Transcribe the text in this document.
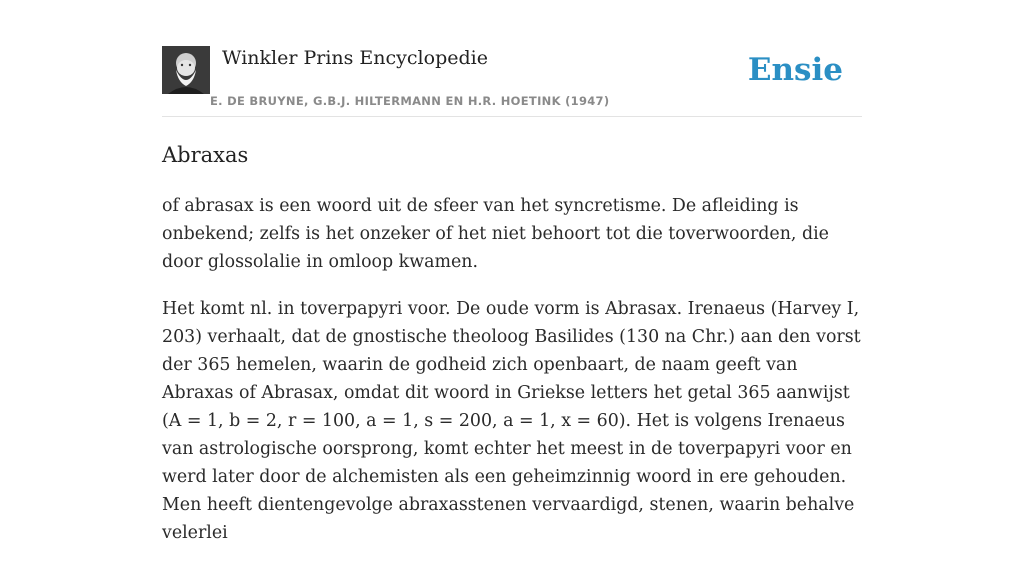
Winkler Prins Encyclopedie
E. DE BRUYNE, G.B.J. HILTERMANN EN H.R. HOETINK (1947)
Ensie
Abraxas

of abrasax is een woord uit de sfeer van het syncretisme. De afleiding is onbekend; zelfs is het onzeker of het niet behoort tot die toverwoorden, die door glossolalie in omloop kwamen.

Het komt nl. in toverpapyri voor. De oude vorm is Abrasax. Irenaeus (Harvey I, 203) verhaalt, dat de gnostische theoloog Basilides (130 na Chr.) aan den vorst der 365 hemelen, waarin de godheid zich openbaart, de naam geeft van Abraxas of Abrasax, omdat dit woord in Griekse letters het getal 365 aanwijst (A = 1, b = 2, r = 100, a = 1, s = 200, a = 1, x = 60). Het is volgens Irenaeus van astrologische oorsprong, komt echter het meest in de toverpapyri voor en werd later door de alchemisten als een geheimzinnig woord in ere gehouden. Men heeft dientengevolge abraxasstenen vervaardigd, stenen, waarin behalve velerlei
